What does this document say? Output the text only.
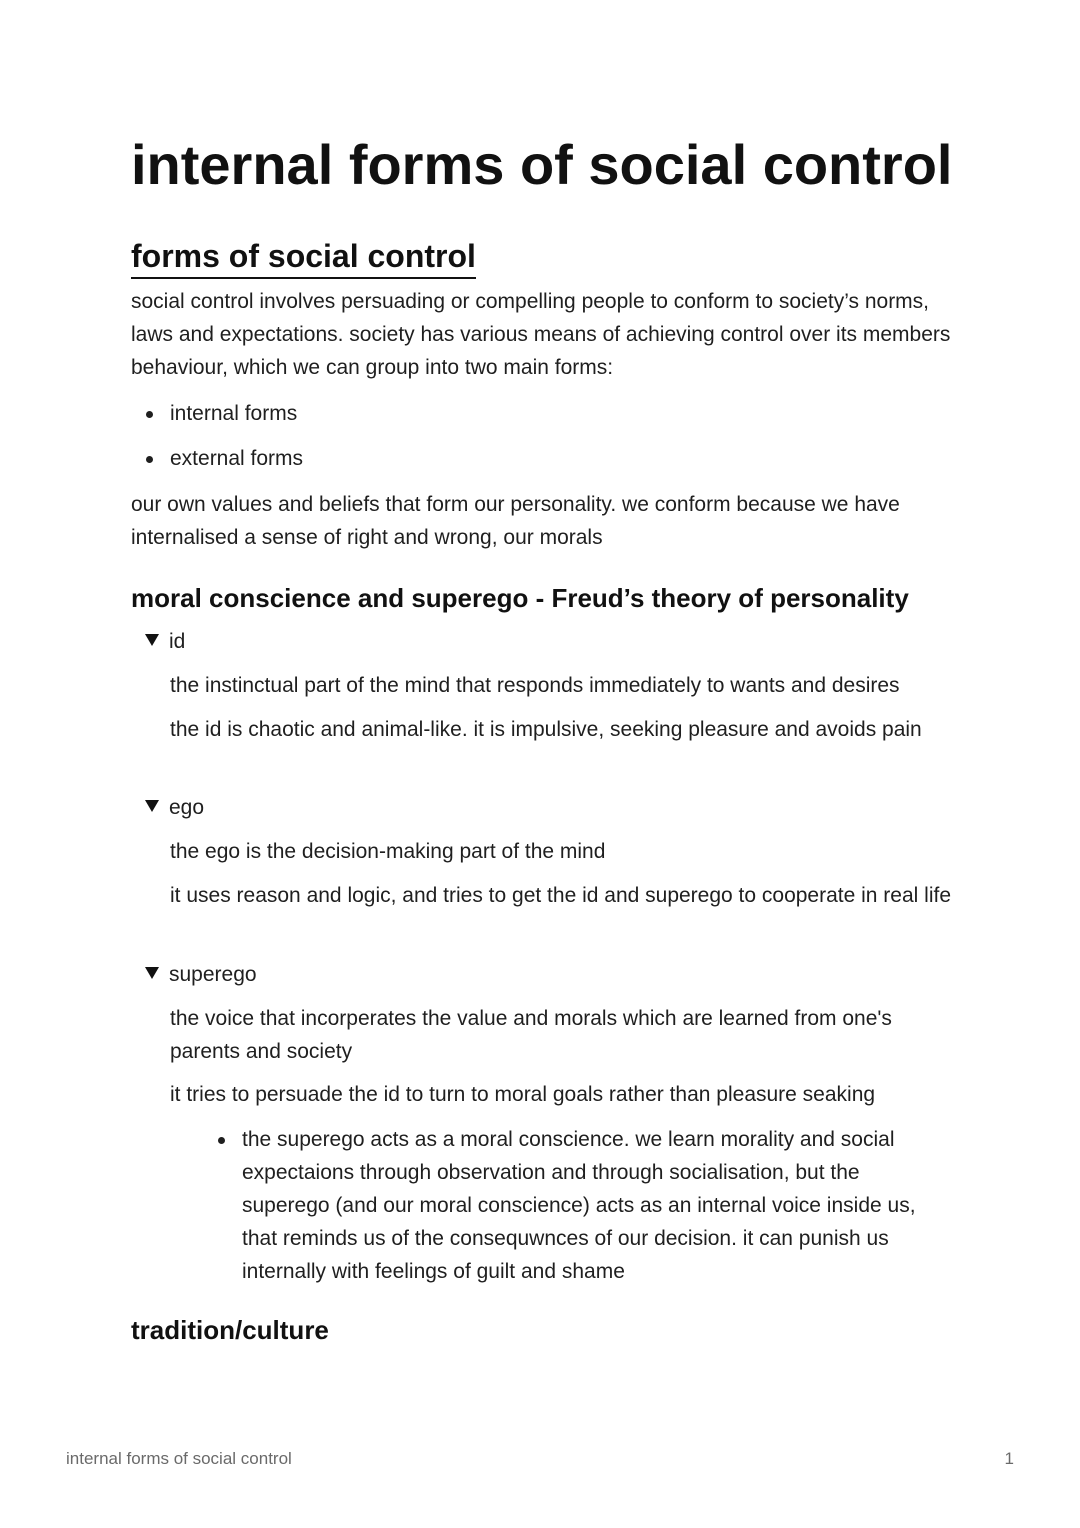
internal forms of social control
forms of social control

social control involves persuading or compelling people to conform to society’s norms, laws and expectations. society has various means of achieving control over its members behaviour, which we can group into two main forms:

internal forms
external forms

our own values and beliefs that form our personality. we conform because we have internalised a sense of right and wrong, our morals

moral conscience and superego - Freud’s theory of personality
id

the instinctual part of the mind that responds immediately to wants and desires

the id is chaotic and animal-like. it is impulsive, seeking pleasure and avoids pain

ego

the ego is the decision-making part of the mind

it uses reason and logic, and tries to get the id and superego to cooperate in real life

superego

the voice that incorperates the value and morals which are learned from one's parents and society

it tries to persuade the id to turn to moral goals rather than pleasure seaking

the superego acts as a moral conscience. we learn morality and social expectaions through observation and through socialisation, but the superego (and our moral conscience) acts as an internal voice inside us, that reminds us of the consequwnces of our decision. it can punish us internally with feelings of guilt and shame
tradition/culture
internal forms of social control	1
